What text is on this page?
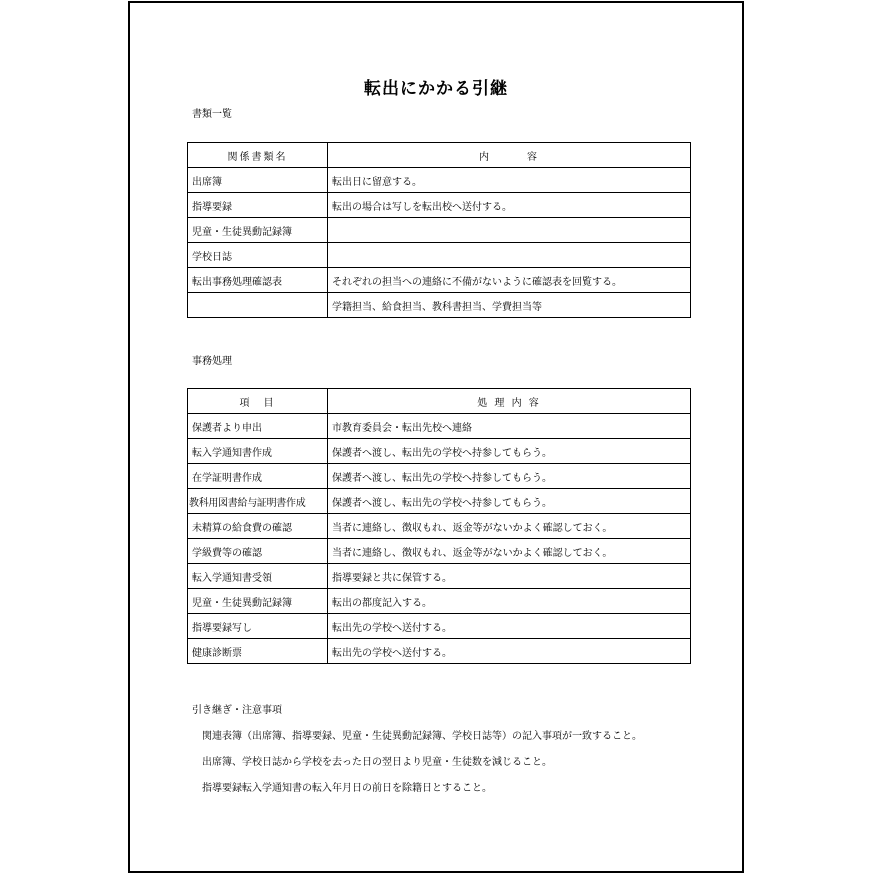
転出にかかる引継
書類一覧
関係書類名	内　　　容
出席簿	転出日に留意する。
指導要録	転出の場合は写しを転出校へ送付する。
児童・生徒異動記録簿	
学校日誌	
転出事務処理確認表	それぞれの担当への連絡に不備がないように確認表を回覧する。
	学籍担当、給食担当、教科書担当、学費担当等
事務処理
項　目	処 理 内 容
保護者より申出	市教育委員会・転出先校へ連絡
転入学通知書作成	保護者へ渡し、転出先の学校へ持参してもらう。
在学証明書作成	保護者へ渡し、転出先の学校へ持参してもらう。
教科用図書給与証明書作成	保護者へ渡し、転出先の学校へ持参してもらう。
未精算の給食費の確認	当者に連絡し、徴収もれ、返金等がないかよく確認しておく。
学級費等の確認	当者に連絡し、徴収もれ、返金等がないかよく確認しておく。
転入学通知書受領	指導要録と共に保管する。
児童・生徒異動記録簿	転出の都度記入する。
指導要録写し	転出先の学校へ送付する。
健康診断票	転出先の学校へ送付する。
引き継ぎ・注意事項
関連表簿（出席簿、指導要録、児童・生徒異動記録簿、学校日誌等）の記入事項が一致すること。
出席簿、学校日誌から学校を去った日の翌日より児童・生徒数を減じること。
指導要録転入学通知書の転入年月日の前日を除籍日とすること。
